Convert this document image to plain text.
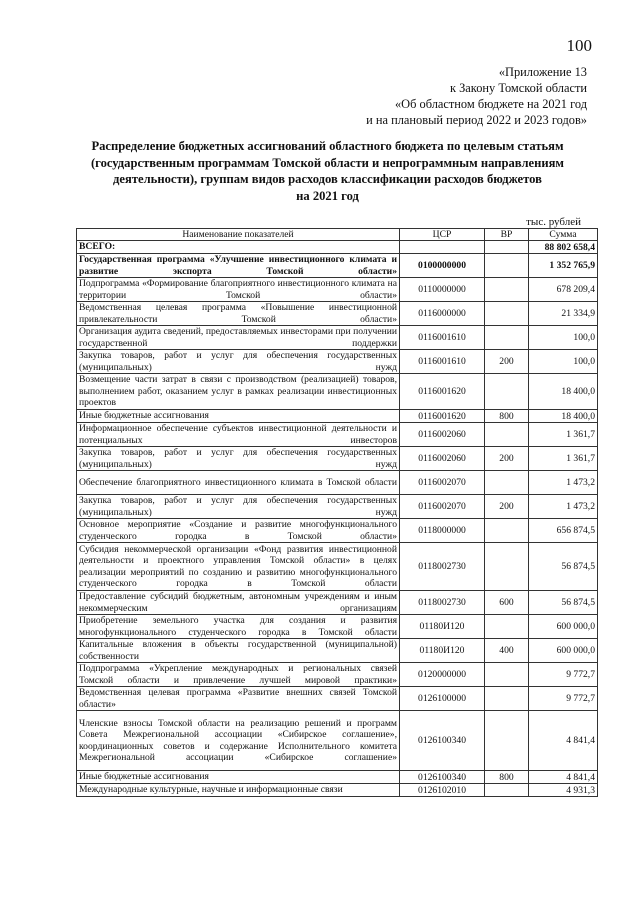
100
«Приложение 13
к Закону Томской области
«Об областном бюджете на 2021 год
и на плановый период 2022 и 2023 годов»
Распределение бюджетных ассигнований областного бюджета по целевым статьям
(государственным программам Томской области и непрограммным направлениям
деятельности), группам видов расходов классификации расходов бюджетов
на 2021 год
тыс. рублей
Наименование показателей	ЦСР	ВР	Сумма
ВСЕГО:			88 802 658,4
Государственная программа «Улучшение инвестиционного климата и развитие экспорта Томской области»	0100000000		1 352 765,9
Подпрограмма «Формирование благоприятного инвестиционного климата на территории Томской области»	0110000000		678 209,4
Ведомственная целевая программа «Повышение инвестиционной привлекательности Томской области»	0116000000		21 334,9
Организация аудита сведений, предоставляемых инвесторами при получении государственной поддержки	0116001610		100,0
Закупка товаров, работ и услуг для обеспечения государственных (муниципальных) нужд	0116001610	200	100,0
Возмещение части затрат в связи с производством (реализацией) товаров, выполнением работ, оказанием услуг в рамках реализации инвестиционных проектов	0116001620		18 400,0
Иные бюджетные ассигнования	0116001620	800	18 400,0
Информационное обеспечение субъектов инвестиционной деятельности и потенциальных инвесторов	0116002060		1 361,7
Закупка товаров, работ и услуг для обеспечения государственных (муниципальных) нужд	0116002060	200	1 361,7
Обеспечение благоприятного инвестиционного климата в Томской области	0116002070		1 473,2
Закупка товаров, работ и услуг для обеспечения государственных (муниципальных) нужд	0116002070	200	1 473,2
Основное мероприятие «Создание и развитие многофункционального студенческого городка в Томской области»	0118000000		656 874,5
Субсидия некоммерческой организации «Фонд развития инвестиционной деятельности и проектного управления Томской области» в целях реализации мероприятий по созданию и развитию многофункционального студенческого городка в Томской области	0118002730		56 874,5
Предоставление субсидий бюджетным, автономным учреждениям и иным некоммерческим организациям	0118002730	600	56 874,5
Приобретение земельного участка для создания и развития многофункционального студенческого городка в Томской области	01180И120		600 000,0
Капитальные вложения в объекты государственной (муниципальной) собственности	01180И120	400	600 000,0
Подпрограмма «Укрепление международных и региональных связей Томской области и привлечение лучшей мировой практики»	0120000000		9 772,7
Ведомственная целевая программа «Развитие внешних связей Томской области»	0126100000		9 772,7
Членские взносы Томской области на реализацию решений и программ Совета Межрегиональной ассоциации «Сибирское соглашение», координационных советов и содержание Исполнительного комитета Межрегиональной ассоциации «Сибирское соглашение»	0126100340		4 841,4
Иные бюджетные ассигнования	0126100340	800	4 841,4
Международные культурные, научные и информационные связи	0126102010		4 931,3
